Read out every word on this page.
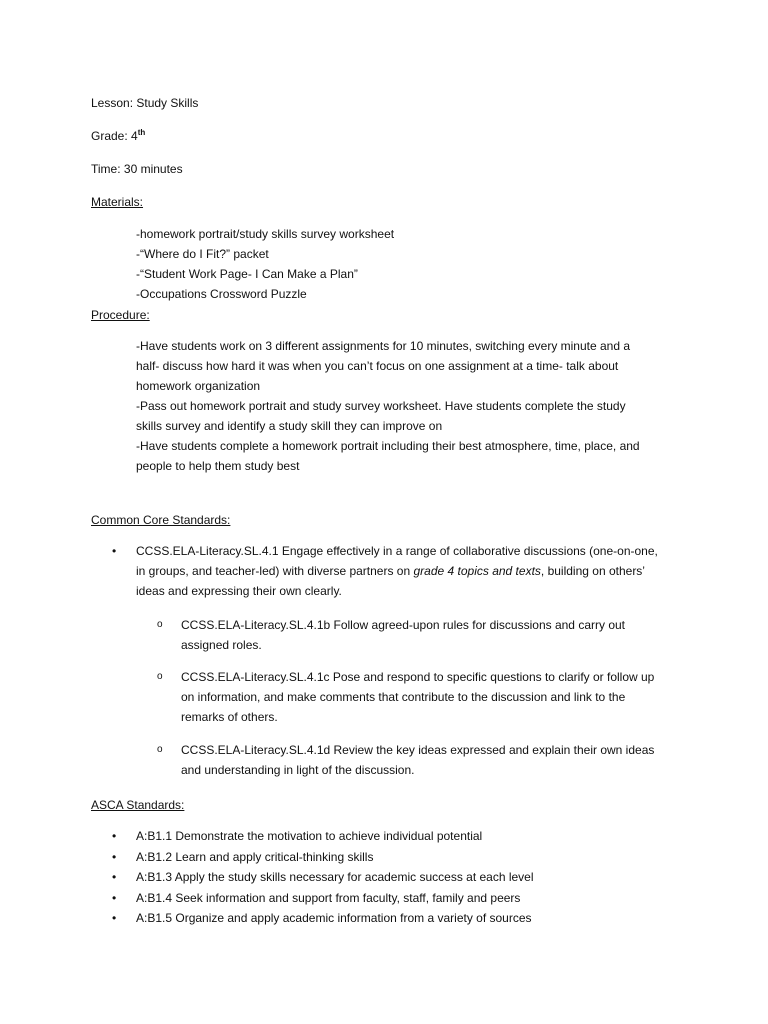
Lesson: Study Skills

Grade: 4th

Time: 30 minutes

Materials:

-homework portrait/study skills survey worksheet
-“Where do I Fit?” packet
-“Student Work Page- I Can Make a Plan”
-Occupations Crossword Puzzle

Procedure:

-Have students work on 3 different assignments for 10 minutes, switching every minute and a
half- discuss how hard it was when you can’t focus on one assignment at a time- talk about
homework organization
-Pass out homework portrait and study survey worksheet. Have students complete the study
skills survey and identify a study skill they can improve on
-Have students complete a homework portrait including their best atmosphere, time, place, and
people to help them study best

Common Core Standards:

• CCSS.ELA-Literacy.SL.4.1 Engage effectively in a range of collaborative discussions (one-on-one,
in groups, and teacher-led) with diverse partners on grade 4 topics and texts, building on others’
ideas and expressing their own clearly.
o CCSS.ELA-Literacy.SL.4.1b Follow agreed-upon rules for discussions and carry out
assigned roles.
o CCSS.ELA-Literacy.SL.4.1c Pose and respond to specific questions to clarify or follow up
on information, and make comments that contribute to the discussion and link to the
remarks of others.
o CCSS.ELA-Literacy.SL.4.1d Review the key ideas expressed and explain their own ideas
and understanding in light of the discussion.

ASCA Standards:

• A:B1.1 Demonstrate the motivation to achieve individual potential
• A:B1.2 Learn and apply critical-thinking skills
• A:B1.3 Apply the study skills necessary for academic success at each level
• A:B1.4 Seek information and support from faculty, staff, family and peers
• A:B1.5 Organize and apply academic information from a variety of sources
